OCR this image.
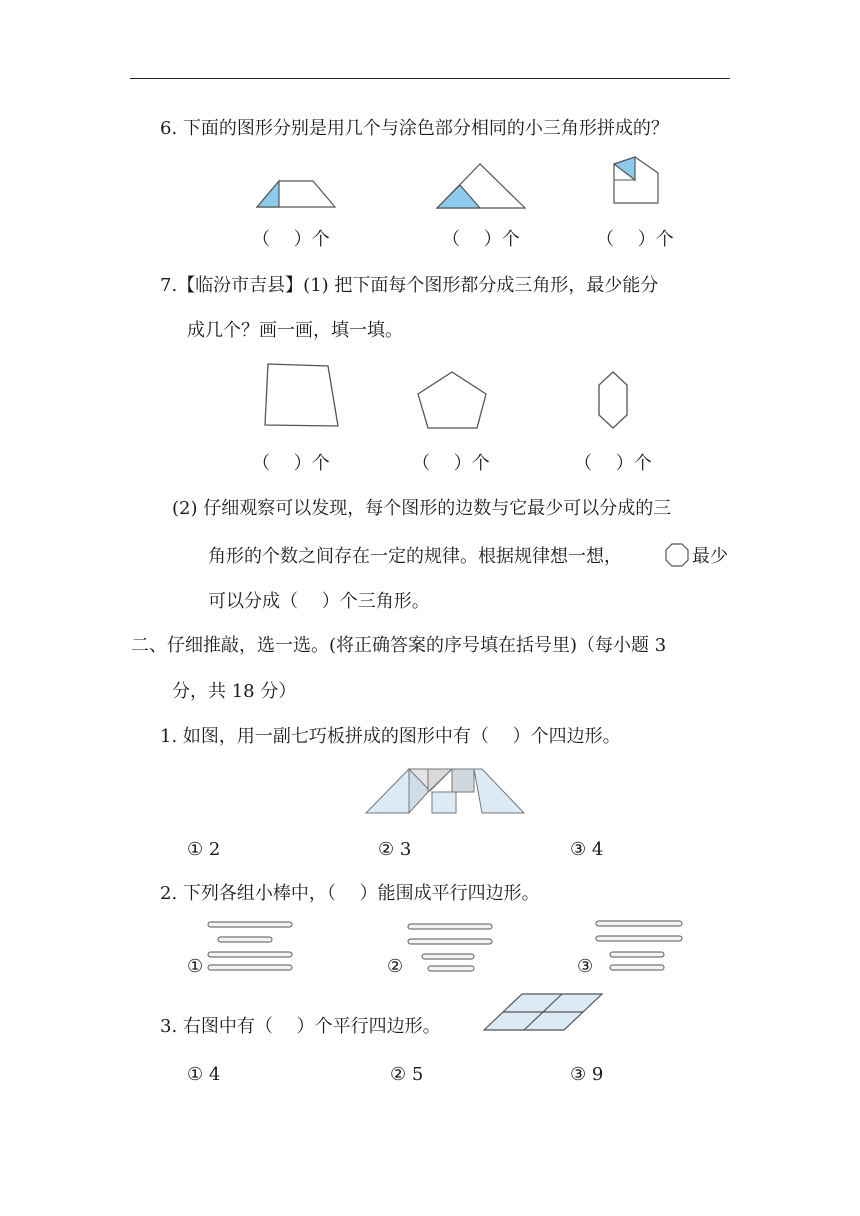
6. 下面的图形分别是用几个与涂色部分相同的小三角形拼成的？
（　 ）个	（　 ）个	（　 ）个
7.【临汾市吉县】(1) 把下面每个图形都分成三角形，最少能分
成几个？画一画，填一填。
（　 ）个	（　 ）个	（　 ）个
(2) 仔细观察可以发现，每个图形的边数与它最少可以分成的三
角形的个数之间存在一定的规律。根据规律想一想，	最少
可以分成（　 ）个三角形。
二、仔细推敲，选一选。(将正确答案的序号填在括号里)（每小题 3
分，共 18 分）
1. 如图，用一副七巧板拼成的图形中有（　 ）个四边形。
① 2	② 3	③ 4
2. 下列各组小棒中，（　 ）能围成平行四边形。
①	②	③
3. 右图中有（　 ）个平行四边形。
① 4	② 5	③ 9
